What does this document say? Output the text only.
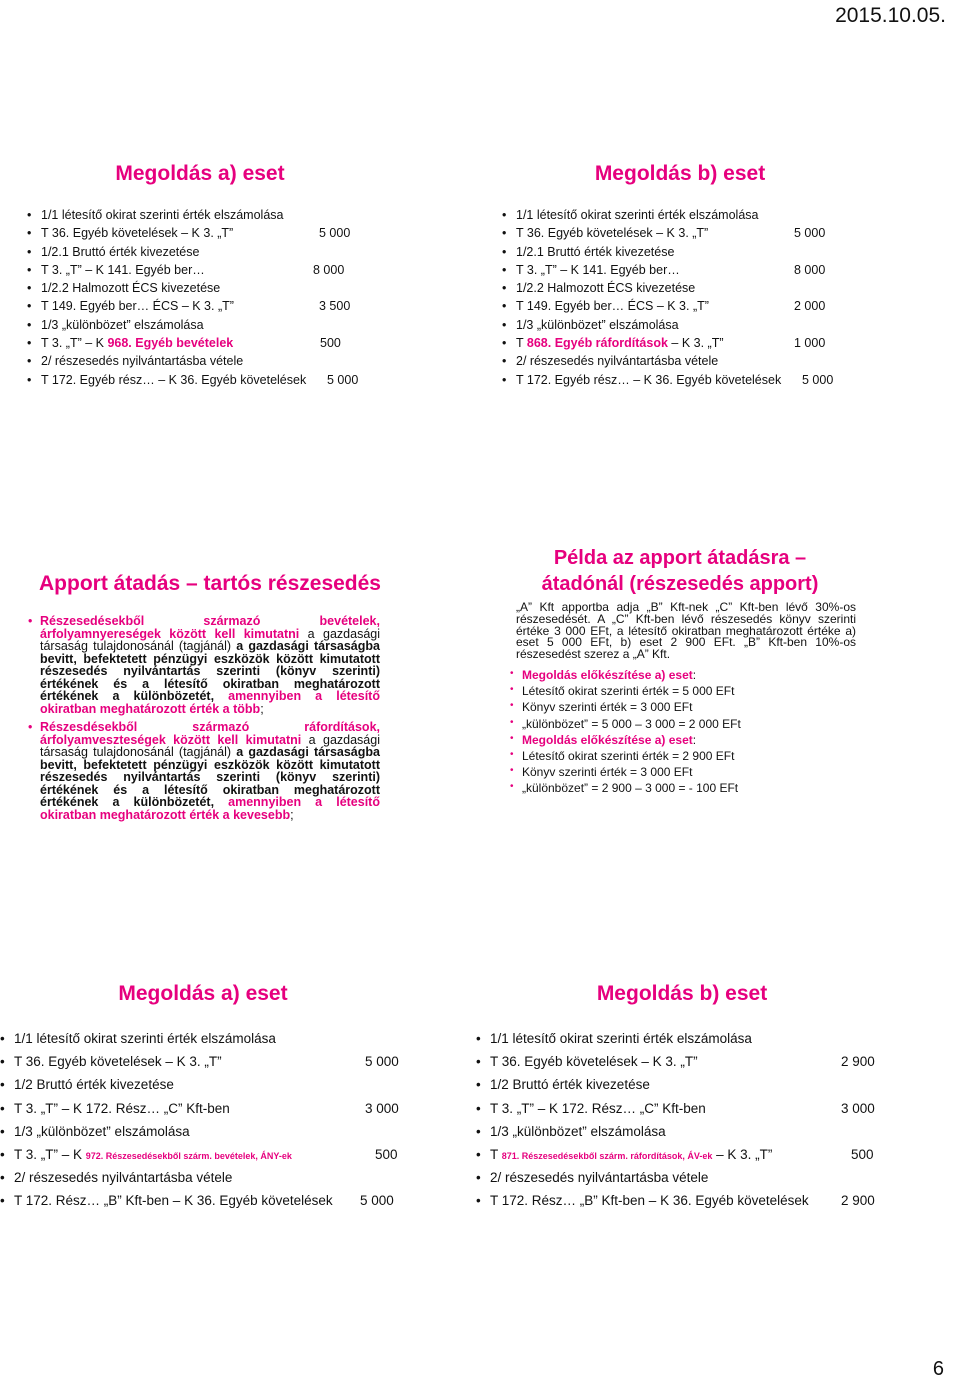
2015.10.05.
Megoldás a) eset
• 1/1 létesítő okirat szerinti érték elszámolása
• T 36. Egyéb követelések – K 3. „T”	5 000
• 1/2.1 Bruttó érték kivezetése
• T 3. „T” – K 141. Egyéb ber…	8 000
• 1/2.2 Halmozott ÉCS kivezetése
• T 149. Egyéb ber… ÉCS – K 3. „T”	3 500
• 1/3 „különbözet” elszámolása
• T 3. „T” – K 968. Egyéb bevételek	500
• 2/ részesedés nyilvántartásba vétele
• T 172. Egyéb rész… – K 36. Egyéb követelések 5 000
Megoldás b) eset
• 1/1 létesítő okirat szerinti érték elszámolása
• T 36. Egyéb követelések – K 3. „T”	5 000
• 1/2.1 Bruttó érték kivezetése
• T 3. „T” – K 141. Egyéb ber…	8 000
• 1/2.2 Halmozott ÉCS kivezetése
• T 149. Egyéb ber… ÉCS – K 3. „T”	2 000
• 1/3 „különbözet” elszámolása
• T 868. Egyéb ráfordítások – K 3. „T”	1 000
• 2/ részesedés nyilvántartásba vétele
• T 172. Egyéb rész… – K 36. Egyéb követelések 5 000
Apport átadás – tartós részesedés
• Részesedésekből származó bevételek, árfolyamnyereségek között kell kimutatni a gazdasági társaság tulajdonosánál (tagjánál) a gazdasági társaságba bevitt, befektetett pénzügyi eszközök között kimutatott részesedés nyilvántartás szerinti (könyv szerinti) értékének és a létesítő okiratban meghatározott értékének a különbözetét, amennyiben a létesítő okiratban meghatározott érték a több;
• Részesdésekből származó ráfordítások, árfolyamveszteségek között kell kimutatni a gazdasági társaság tulajdonosánál (tagjánál) a gazdasági társaságba bevitt, befektetett pénzügyi eszközök között kimutatott részesedés nyilvántartás szerinti (könyv szerinti) értékének és a létesítő okiratban meghatározott értékének a különbözetét, amennyiben a létesítő okiratban meghatározott érték a kevesebb;
Példa az apport átadásra –
átadónál (részesedés apport)
„A” Kft apportba adja „B” Kft-nek „C” Kft-ben lévő 30%-os részesedését. A „C” Kft-ben lévő részesedés könyv szerinti értéke 3 000 EFt, a létesítő okiratban meghatározott értéke a) eset 5 000 EFt, b) eset 2 900 EFt. „B” Kft-ben 10%-os részesedést szerez a „A” Kft.
• Megoldás előkészítése a) eset:
• Létesítő okirat szerinti érték = 5 000 EFt
• Könyv szerinti érték = 3 000 EFt
• „különbözet” = 5 000 – 3 000 = 2 000 EFt
• Megoldás előkészítése a) eset:
• Létesítő okirat szerinti érték = 2 900 EFt
• Könyv szerinti érték = 3 000 EFt
• „különbözet” = 2 900 – 3 000 = - 100 EFt
Megoldás a) eset
• 1/1 létesítő okirat szerinti érték elszámolása
• T 36. Egyéb követelések – K 3. „T”	5 000
• 1/2 Bruttó érték kivezetése
• T 3. „T” – K 172. Rész… „C” Kft-ben	3 000
• 1/3 „különbözet” elszámolása
• T 3. „T” – K 972. Részesedésekből szárm. bevételek, ÁNY-ek	500
• 2/ részesedés nyilvántartásba vétele
• T 172. Rész… „B” Kft-ben – K 36. Egyéb követelések 5 000
Megoldás b) eset
• 1/1 létesítő okirat szerinti érték elszámolása
• T 36. Egyéb követelések – K 3. „T”	2 900
• 1/2 Bruttó érték kivezetése
• T 3. „T” – K 172. Rész… „C” Kft-ben	3 000
• 1/3 „különbözet” elszámolása
• T 871. Részesedésekből szárm. ráfordítások, ÁV-ek – K 3. „T”	500
• 2/ részesedés nyilvántartásba vétele
• T 172. Rész… „B” Kft-ben – K 36. Egyéb követelések 2 900
6
